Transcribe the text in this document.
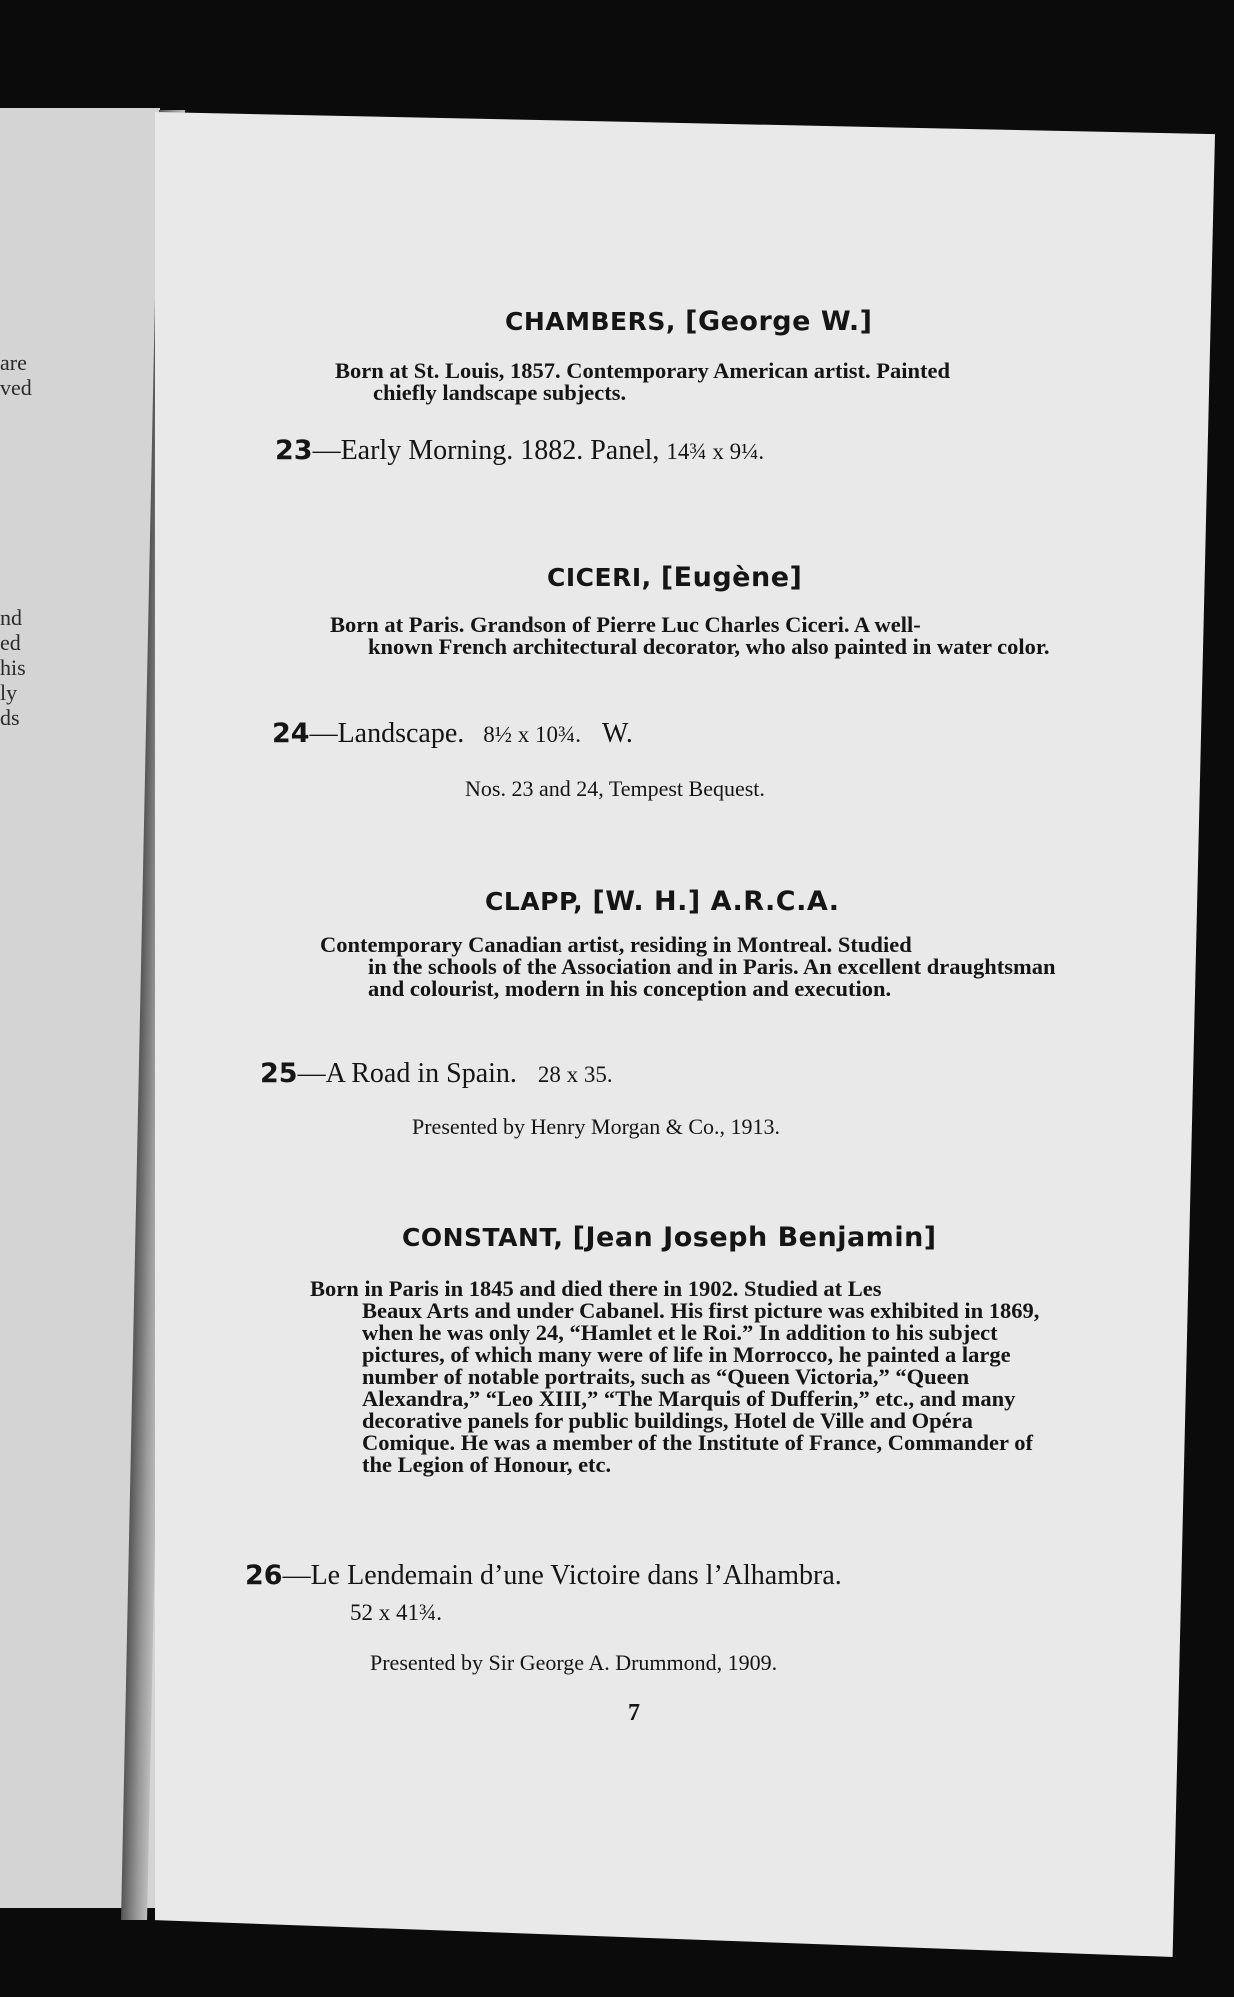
are
ved
nd
ed
his
ly
ds
CHAMBERS, [George W.]
Born at St. Louis, 1857. Contemporary American artist. Painted
chiefly landscape subjects.
23—Early Morning. 1882. Panel, 14¾ x 9¼.
CICERI, [Eugène]
Born at Paris. Grandson of Pierre Luc Charles Ciceri. A well-
known French architectural decorator, who also painted in water color.
24—Landscape. 8½ x 10¾. W.
Nos. 23 and 24, Tempest Bequest.
CLAPP, [W. H.] A.R.C.A.
Contemporary Canadian artist, residing in Montreal. Studied
in the schools of the Association and in Paris. An excellent draughtsman and colourist, modern in his conception and execution.
25—A Road in Spain. 28 x 35.
Presented by Henry Morgan & Co., 1913.
CONSTANT, [Jean Joseph Benjamin]
Born in Paris in 1845 and died there in 1902. Studied at Les
Beaux Arts and under Cabanel. His first picture was exhibited in 1869, when he was only 24, “Hamlet et le Roi.” In addition to his subject pictures, of which many were of life in Morrocco, he painted a large number of notable portraits, such as “Queen Victoria,” “Queen Alexandra,” “Leo XIII,” “The Marquis of Dufferin,” etc., and many decorative panels for public buildings, Hotel de Ville and Opéra Comique. He was a member of the Institute of France, Commander of the Legion of Honour, etc.
26—Le Lendemain d’une Victoire dans l’Alhambra.
52 x 41¾.
Presented by Sir George A. Drummond, 1909.
7
